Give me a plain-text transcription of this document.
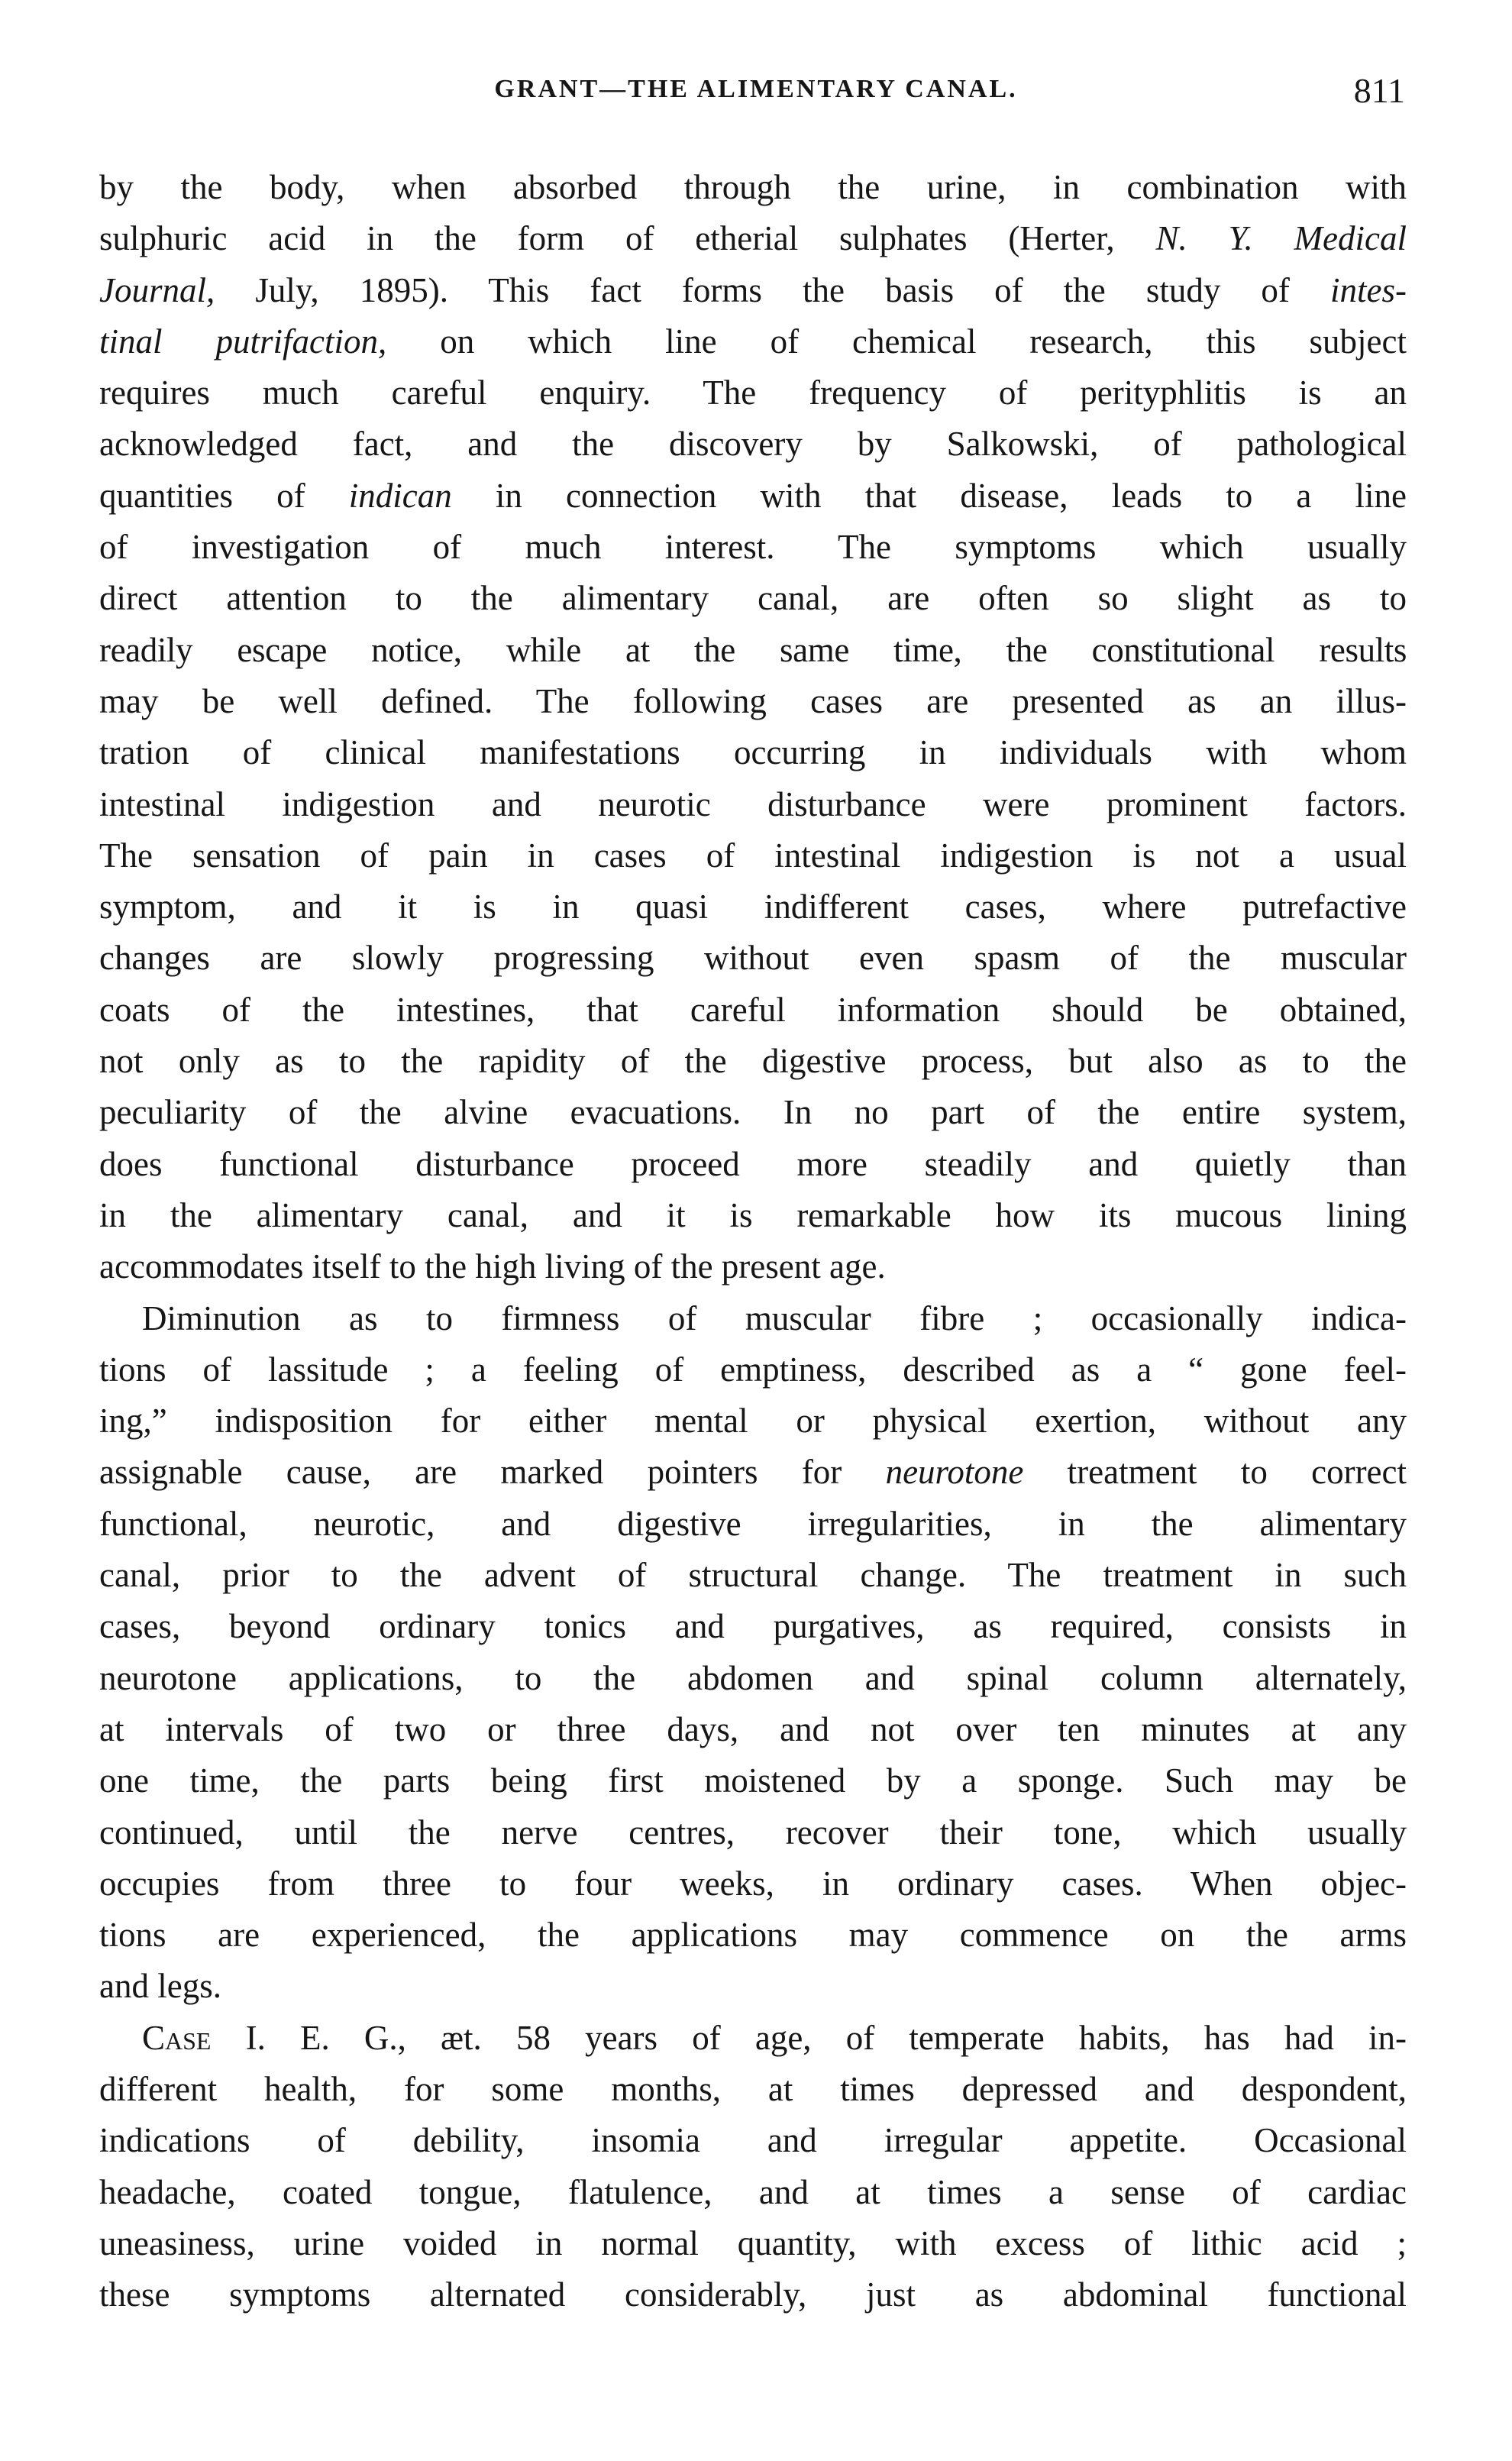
GRANT—THE ALIMENTARY CANAL.	811
by the body, when absorbed through the urine, in combination with
sulphuric acid in the form of etherial sulphates (Herter, N. Y. Medical
Journal, July, 1895). This fact forms the basis of the study of intes-
tinal putrifaction, on which line of chemical research, this subject
requires much careful enquiry. The frequency of perityphlitis is an
acknowledged fact, and the discovery by Salkowski, of pathological
quantities of indican in connection with that disease, leads to a line
of investigation of much interest. The symptoms which usually
direct attention to the alimentary canal, are often so slight as to
readily escape notice, while at the same time, the constitutional results
may be well defined. The following cases are presented as an illus-
tration of clinical manifestations occurring in individuals with whom
intestinal indigestion and neurotic disturbance were prominent factors.
The sensation of pain in cases of intestinal indigestion is not a usual
symptom, and it is in quasi indifferent cases, where putrefactive
changes are slowly progressing without even spasm of the muscular
coats of the intestines, that careful information should be obtained,
not only as to the rapidity of the digestive process, but also as to the
peculiarity of the alvine evacuations. In no part of the entire system,
does functional disturbance proceed more steadily and quietly than
in the alimentary canal, and it is remarkable how its mucous lining
accommodates itself to the high living of the present age.
Diminution as to firmness of muscular fibre ; occasionally indica-
tions of lassitude ; a feeling of emptiness, described as a “ gone feel-
ing,” indisposition for either mental or physical exertion, without any
assignable cause, are marked pointers for neurotone treatment to correct
functional, neurotic, and digestive irregularities, in the alimentary
canal, prior to the advent of structural change. The treatment in such
cases, beyond ordinary tonics and purgatives, as required, consists in
neurotone applications, to the abdomen and spinal column alternately,
at intervals of two or three days, and not over ten minutes at any
one time, the parts being first moistened by a sponge. Such may be
continued, until the nerve centres, recover their tone, which usually
occupies from three to four weeks, in ordinary cases. When objec-
tions are experienced, the applications may commence on the arms
and legs.
Case I. E. G., æt. 58 years of age, of temperate habits, has had in-
different health, for some months, at times depressed and despondent,
indications of debility, insomia and irregular appetite. Occasional
headache, coated tongue, flatulence, and at times a sense of cardiac
uneasiness, urine voided in normal quantity, with excess of lithic acid ;
these symptoms alternated considerably, just as abdominal functional
